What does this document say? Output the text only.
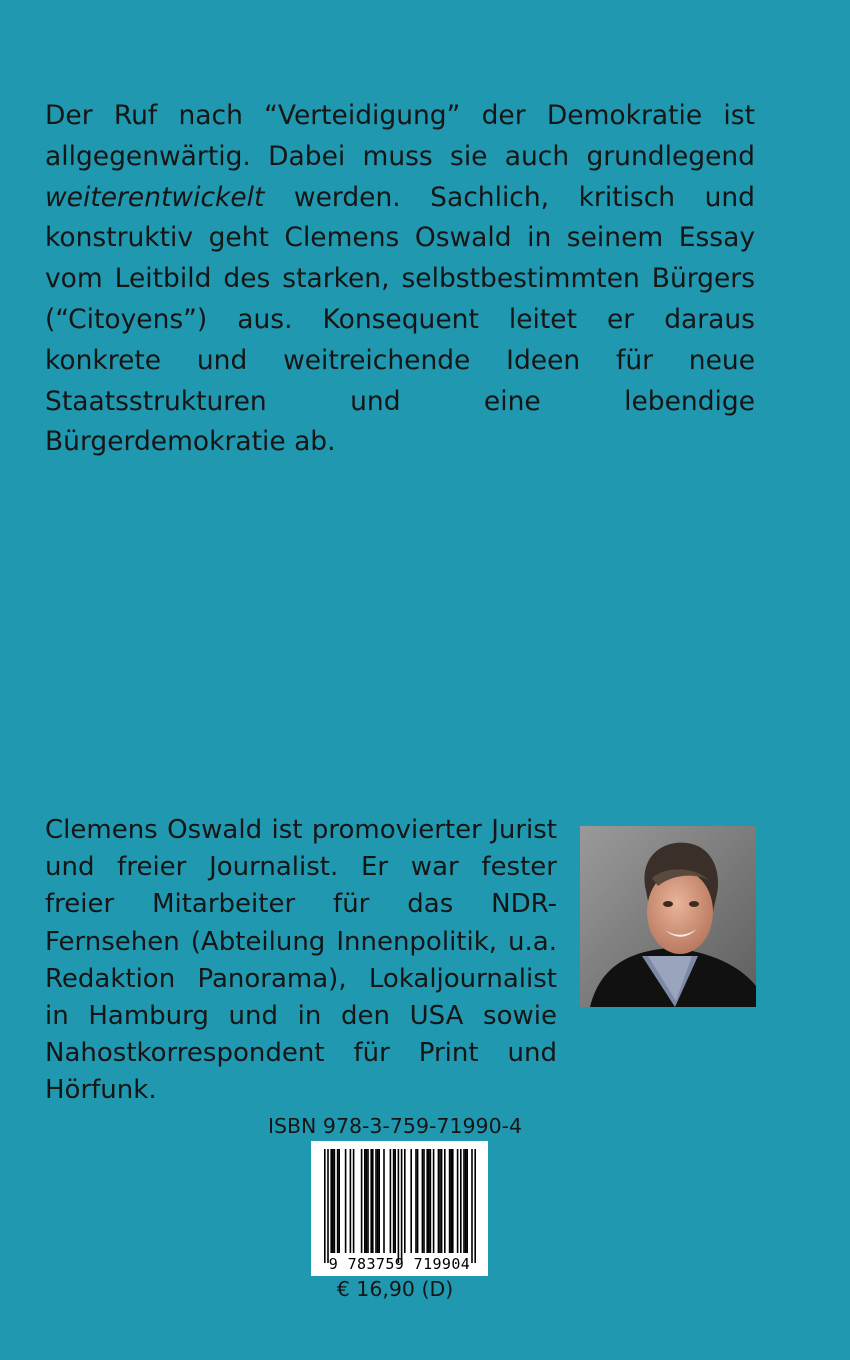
Der Ruf nach “Verteidigung” der Demokratie ist allgegenwärtig. Dabei muss sie auch grundlegend weiterentwickelt werden. Sachlich, kritisch und konstruktiv geht Clemens Oswald in seinem Essay vom Leitbild des starken, selbstbestimmten Bürgers (“Citoyens”) aus. Konsequent leitet er daraus konkrete und weitreichende Ideen für neue Staatsstrukturen und eine lebendige Bürgerdemokratie ab.
Clemens Oswald ist promovierter Jurist und freier Journalist. Er war fester freier Mitarbeiter für das NDR-Fernsehen (Abteilung Innenpolitik, u.a. Redaktion Panorama), Lokaljournalist in Hamburg und in den USA sowie Nahostkorrespondent für Print und Hörfunk.
ISBN 978-3-759-71990-4
9 783759 719904
€ 16,90 (D)
